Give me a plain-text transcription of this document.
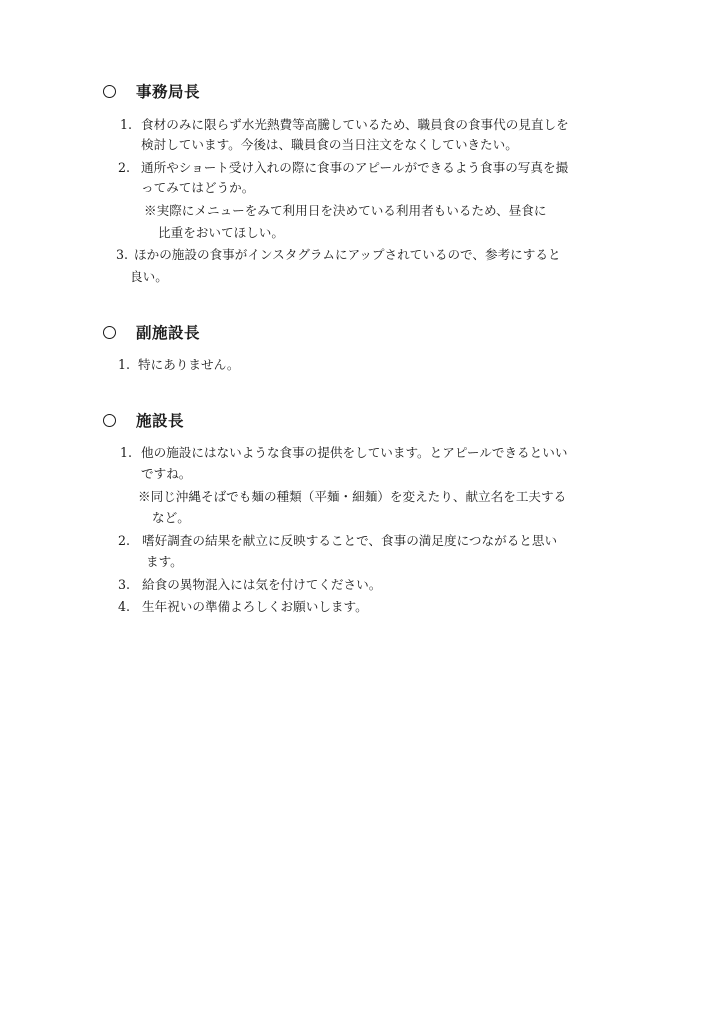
事務局長
1. 食材のみに限らず水光熱費等高騰しているため、職員食の食事代の見直しを
検討しています。今後は、職員食の当日注文をなくしていきたい。
2. 通所やショート受け入れの際に食事のアピールができるよう食事の写真を撮
ってみてはどうか。
※実際にメニューをみて利用日を決めている利用者もいるため、昼食に
比重をおいてほしい。
3. ほかの施設の食事がインスタグラムにアップされているので、参考にすると
良い。
副施設長
1. 特にありません。
施設長
1. 他の施設にはないような食事の提供をしています。とアピールできるといい
ですね。
※同じ沖縄そばでも麺の種類（平麺・細麺）を変えたり、献立名を工夫する
など。
2. 嗜好調査の結果を献立に反映することで、食事の満足度につながると思い
ます。
3. 給食の異物混入には気を付けてください。
4. 生年祝いの準備よろしくお願いします。
